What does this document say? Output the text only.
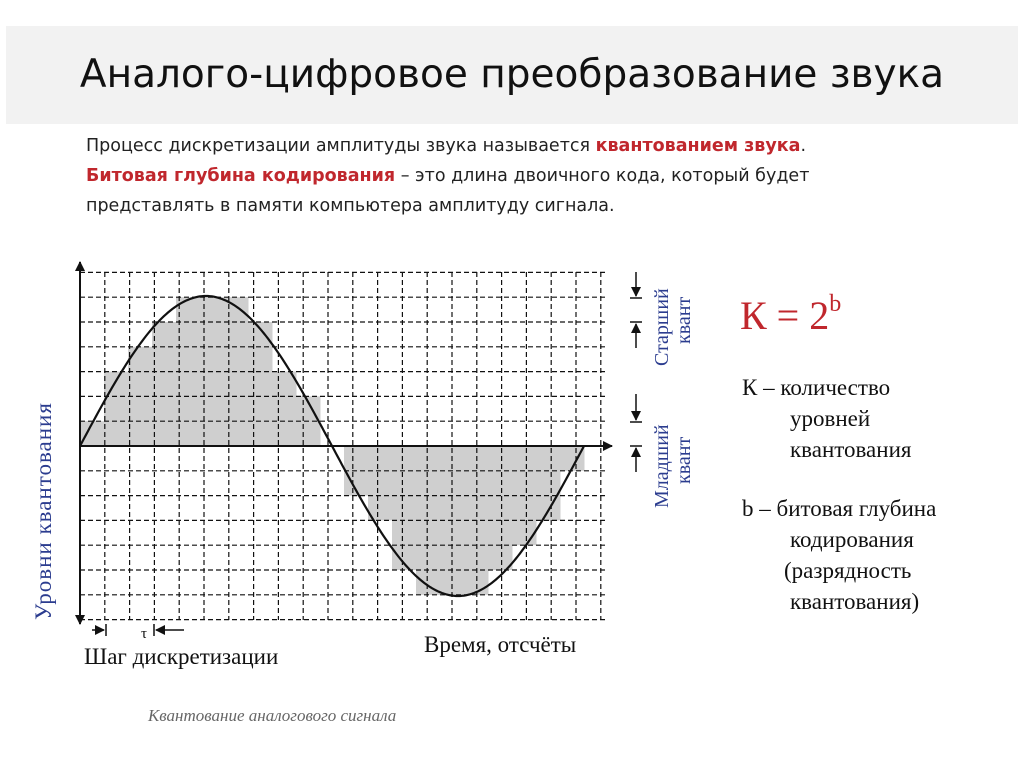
Аналого-цифровое преобразование звука
Процесс дискретизации амплитуды звука называется квантованием звука.
Битовая глубина кодирования – это длина двоичного кода, который будет
представлять в памяти компьютера амплитуду сигнала.
$К = 2^b$
К – количество
уровней
квантования
b – битовая глубина
кодирования
(разрядность
квантования)
τ
Уровни квантования
Старший квант
Младший квант
Шаг дискретизации	Время, отсчёты
Квантование аналогового сигнала
